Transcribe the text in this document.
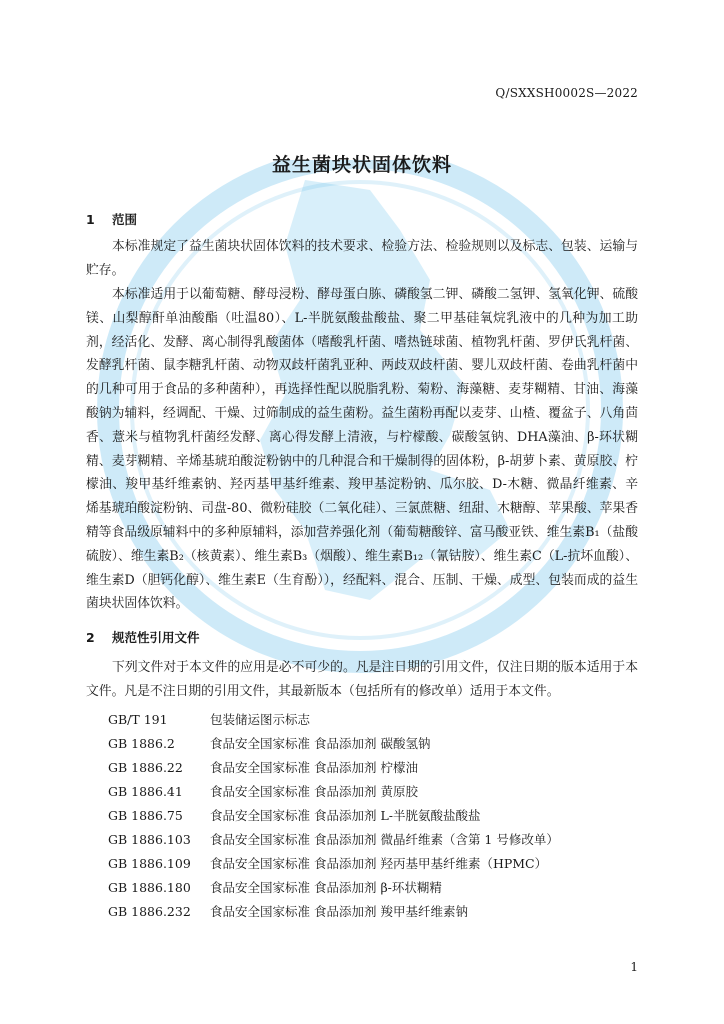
Q/SXXSH0002S—2022
益生菌块状固体饮料
1 范围

本标准规定了益生菌块状固体饮料的技术要求、检验方法、检验规则以及标志、包装、运输与贮存。

本标准适用于以葡萄糖、酵母浸粉、酵母蛋白胨、磷酸氢二钾、磷酸二氢钾、氢氧化钾、硫酸镁、山梨醇酐单油酸酯（吐温80）、L-半胱氨酸盐酸盐、聚二甲基硅氧烷乳液中的几种为加工助剂，经活化、发酵、离心制得乳酸菌体（嗜酸乳杆菌、嗜热链球菌、植物乳杆菌、罗伊氏乳杆菌、发酵乳杆菌、鼠李糖乳杆菌、动物双歧杆菌乳亚种、两歧双歧杆菌、婴儿双歧杆菌、卷曲乳杆菌中的几种可用于食品的多种菌种），再选择性配以脱脂乳粉、菊粉、海藻糖、麦芽糊精、甘油、海藻酸钠为辅料，经调配、干燥、过筛制成的益生菌粉。益生菌粉再配以麦芽、山楂、覆盆子、八角茴香、薏米与植物乳杆菌经发酵、离心得发酵上清液，与柠檬酸、碳酸氢钠、DHA藻油、β-环状糊精、麦芽糊精、辛烯基琥珀酸淀粉钠中的几种混合和干燥制得的固体粉，β-胡萝卜素、黄原胶、柠檬油、羧甲基纤维素钠、羟丙基甲基纤维素、羧甲基淀粉钠、瓜尔胶、D-木糖、微晶纤维素、辛烯基琥珀酸淀粉钠、司盘-80、微粉硅胶（二氧化硅）、三氯蔗糖、纽甜、木糖醇、苹果酸、苹果香精等食品级原辅料中的多种原辅料，添加营养强化剂（葡萄糖酸锌、富马酸亚铁、维生素B₁（盐酸硫胺）、维生素B₂（核黄素）、维生素B₃（烟酸）、维生素B₁₂（氰钴胺）、维生素C（L-抗坏血酸）、维生素D（胆钙化醇）、维生素E（生育酚）），经配料、混合、压制、干燥、成型、包装而成的益生菌块状固体饮料。

2 规范性引用文件

下列文件对于本文件的应用是必不可少的。凡是注日期的引用文件，仅注日期的版本适用于本文件。凡是不注日期的引用文件，其最新版本（包括所有的修改单）适用于本文件。

GB/T 191	包装储运图示标志
GB 1886.2	食品安全国家标准 食品添加剂 碳酸氢钠
GB 1886.22 食品安全国家标准 食品添加剂 柠檬油
GB 1886.41 食品安全国家标准 食品添加剂 黄原胶
GB 1886.75 食品安全国家标准 食品添加剂 L-半胱氨酸盐酸盐
GB 1886.103 食品安全国家标准 食品添加剂 微晶纤维素（含第 1 号修改单）
GB 1886.109 食品安全国家标准 食品添加剂 羟丙基甲基纤维素（HPMC）
GB 1886.180 食品安全国家标准 食品添加剂 β-环状糊精
GB 1886.232 食品安全国家标准 食品添加剂 羧甲基纤维素钠
1
